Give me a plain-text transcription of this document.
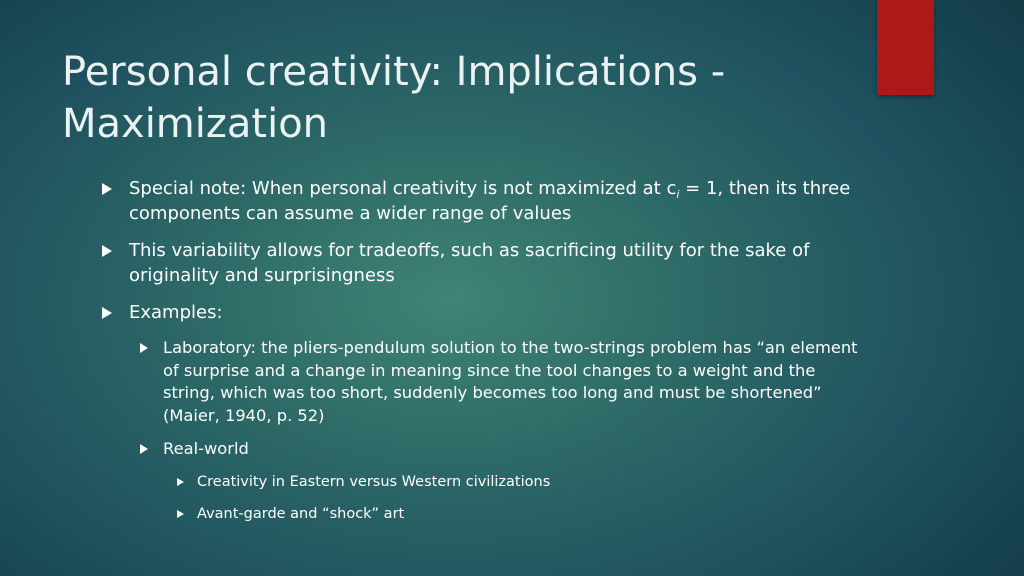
Personal creativity: Implications -
Maximization
Special note: When personal creativity is not maximized at $c_i = 1$, then its three components can assume a wider range of values
This variability allows for tradeoffs, such as sacrificing utility for the sake of originality and surprisingness
Examples:
Laboratory: the pliers-pendulum solution to the two-strings problem has “an element of surprise and a change in meaning since the tool changes to a weight and the string, which was too short, suddenly becomes too long and must be shortened” (Maier, 1940, p. 52)
Real-world
Creativity in Eastern versus Western civilizations
Avant-garde and “shock” art
